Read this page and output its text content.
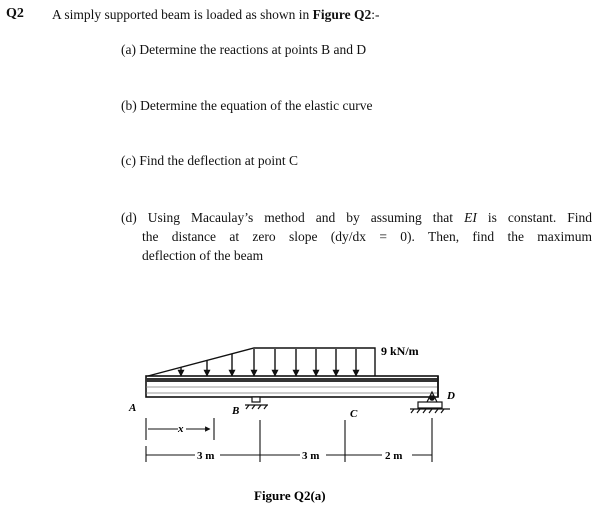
Q2 A simply supported beam is loaded as shown in Figure Q2:-
(a) Determine the reactions at points B and D
(b) Determine the equation of the elastic curve
(c) Find the deflection at point C
(d) Using Macaulay’s method and by assuming that EI is constant. Find
the distance at zero slope (dy/dx = 0). Then, find the maximum
deflection of the beam
9 kN/m
A	B	C
D
x
3 m	3 m	2 m
Figure Q2(a)
